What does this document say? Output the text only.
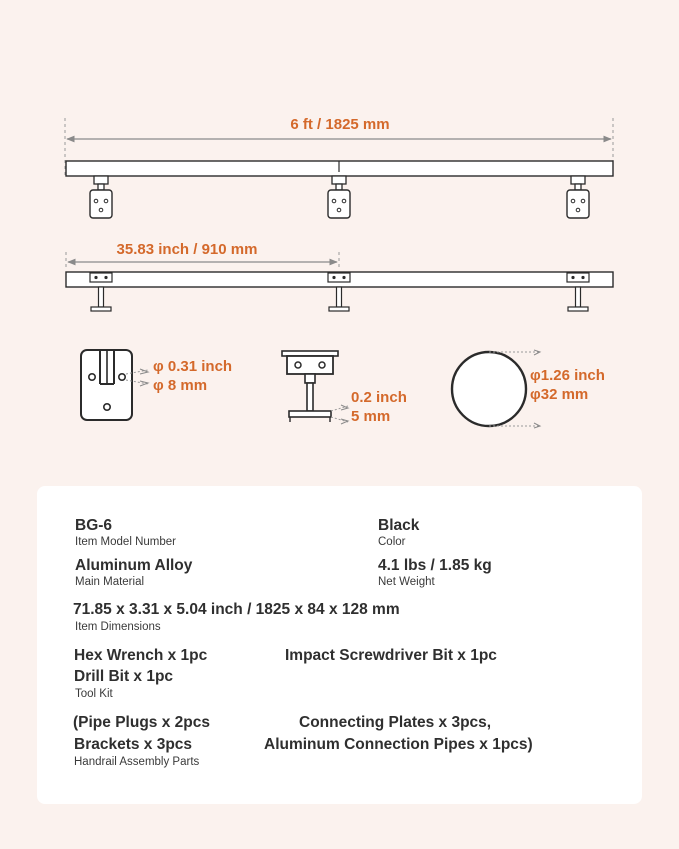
6 ft / 1825 mm
35.83 inch / 910 mm
φ 0.31 inch
φ 8 mm
0.2 inch
5 mm
φ1.26 inch
φ32 mm
BG-6
Item Model Number
Black
Color
Aluminum Alloy
Main Material
4.1 lbs / 1.85 kg
Net Weight
71.85 x 3.31 x 5.04 inch / 1825 x 84 x 128 mm
Item Dimensions
Hex Wrench x 1pc	Impact Screwdriver Bit x 1pc
Drill Bit x 1pc
Tool Kit
(Pipe Plugs x 2pcs	Connecting Plates x 3pcs,
Brackets x 3pcs	Aluminum Connection Pipes x 1pcs)
Handrail Assembly Parts
